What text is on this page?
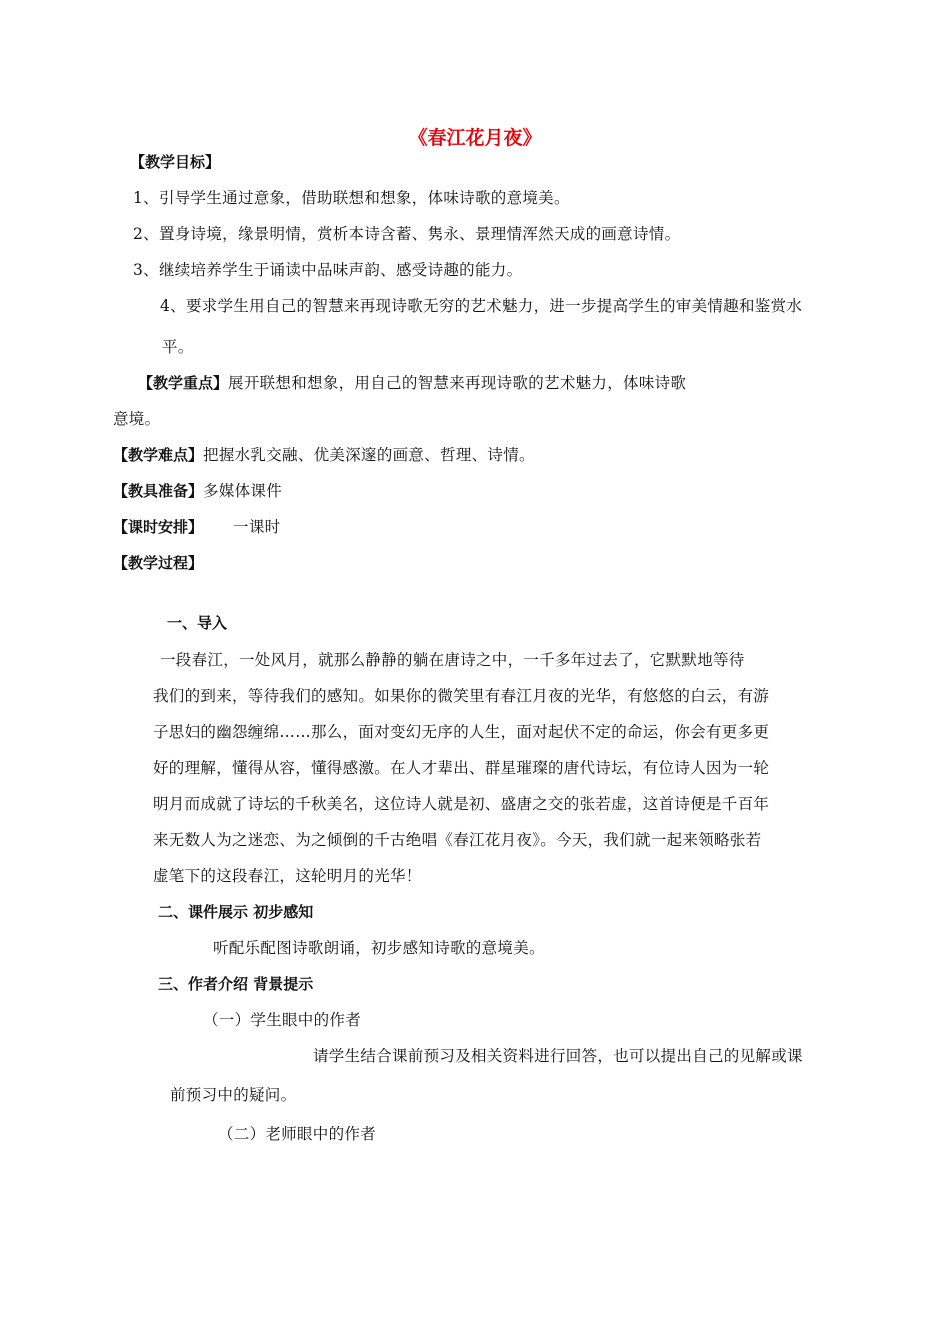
《春江花月夜》
【教学目标】
1、引导学生通过意象，借助联想和想象，体味诗歌的意境美。
2、置身诗境，缘景明情，赏析本诗含蓄、隽永、景理情浑然天成的画意诗情。
3、继续培养学生于诵读中品味声韵、感受诗趣的能力。
4、要求学生用自己的智慧来再现诗歌无穷的艺术魅力，进一步提高学生的审美情趣和鉴赏水
平。
【教学重点】展开联想和想象，用自己的智慧来再现诗歌的艺术魅力，体味诗歌
意境。
【教学难点】把握水乳交融、优美深邃的画意、哲理、诗情。
【教具准备】多媒体课件
【课时安排】 一课时
【教学过程】
一、导入
一段春江，一处风月，就那么静静的躺在唐诗之中，一千多年过去了，它默默地等待
我们的到来，等待我们的感知。如果你的微笑里有春江月夜的光华，有悠悠的白云，有游
子思妇的幽怨缠绵……那么，面对变幻无序的人生，面对起伏不定的命运，你会有更多更
好的理解，懂得从容，懂得感激。在人才辈出、群星璀璨的唐代诗坛，有位诗人因为一轮
明月而成就了诗坛的千秋美名，这位诗人就是初、盛唐之交的张若虚，这首诗便是千百年
来无数人为之迷恋、为之倾倒的千古绝唱《春江花月夜》。今天，我们就一起来领略张若
虚笔下的这段春江，这轮明月的光华！
二、课件展示 初步感知
听配乐配图诗歌朗诵，初步感知诗歌的意境美。
三、作者介绍 背景提示
（一）学生眼中的作者
请学生结合课前预习及相关资料进行回答，也可以提出自己的见解或课
前预习中的疑问。
（二）老师眼中的作者
